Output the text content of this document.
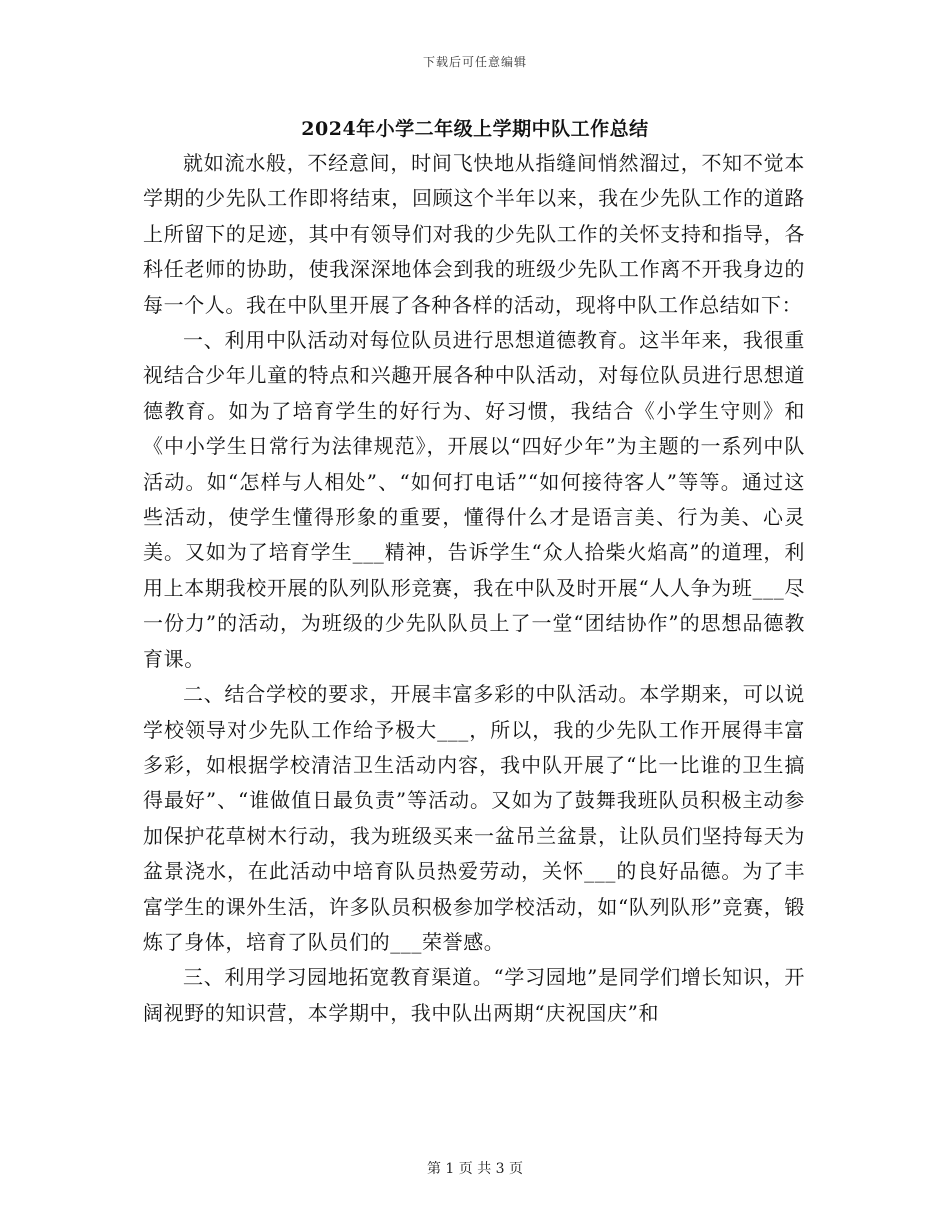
下载后可任意编辑
2024年小学二年级上学期中队工作总结

就如流水般，不经意间，时间飞快地从指缝间悄然溜过，不知不觉本学期的少先队工作即将结束，回顾这个半年以来，我在少先队工作的道路上所留下的足迹，其中有领导们对我的少先队工作的关怀支持和指导，各科任老师的协助，使我深深地体会到我的班级少先队工作离不开我身边的每一个人。我在中队里开展了各种各样的活动，现将中队工作总结如下：

一、利用中队活动对每位队员进行思想道德教育。这半年来，我很重视结合少年儿童的特点和兴趣开展各种中队活动，对每位队员进行思想道德教育。如为了培育学生的好行为、好习惯，我结合《小学生守则》和《中小学生日常行为法律规范》，开展以“四好少年”为主题的一系列中队活动。如“怎样与人相处”、“如何打电话”“如何接待客人”等等。通过这些活动，使学生懂得形象的重要，懂得什么才是语言美、行为美、心灵美。又如为了培育学生___精神，告诉学生“众人拾柴火焰高”的道理，利用上本期我校开展的队列队形竞赛，我在中队及时开展“人人争为班___尽一份力”的活动，为班级的少先队队员上了一堂“团结协作”的思想品德教育课。

二、结合学校的要求，开展丰富多彩的中队活动。本学期来，可以说学校领导对少先队工作给予极大___，所以，我的少先队工作开展得丰富多彩，如根据学校清洁卫生活动内容，我中队开展了“比一比谁的卫生搞得最好”、“谁做值日最负责”等活动。又如为了鼓舞我班队员积极主动参加保护花草树木行动，我为班级买来一盆吊兰盆景，让队员们坚持每天为盆景浇水，在此活动中培育队员热爱劳动，关怀___的良好品德。为了丰富学生的课外生活，许多队员积极参加学校活动，如“队列队形”竞赛，锻炼了身体，培育了队员们的___荣誉感。

三、利用学习园地拓宽教育渠道。“学习园地”是同学们增长知识，开阔视野的知识营，本学期中，我中队出两期“庆祝国庆”和

第 1 页 共 3 页
